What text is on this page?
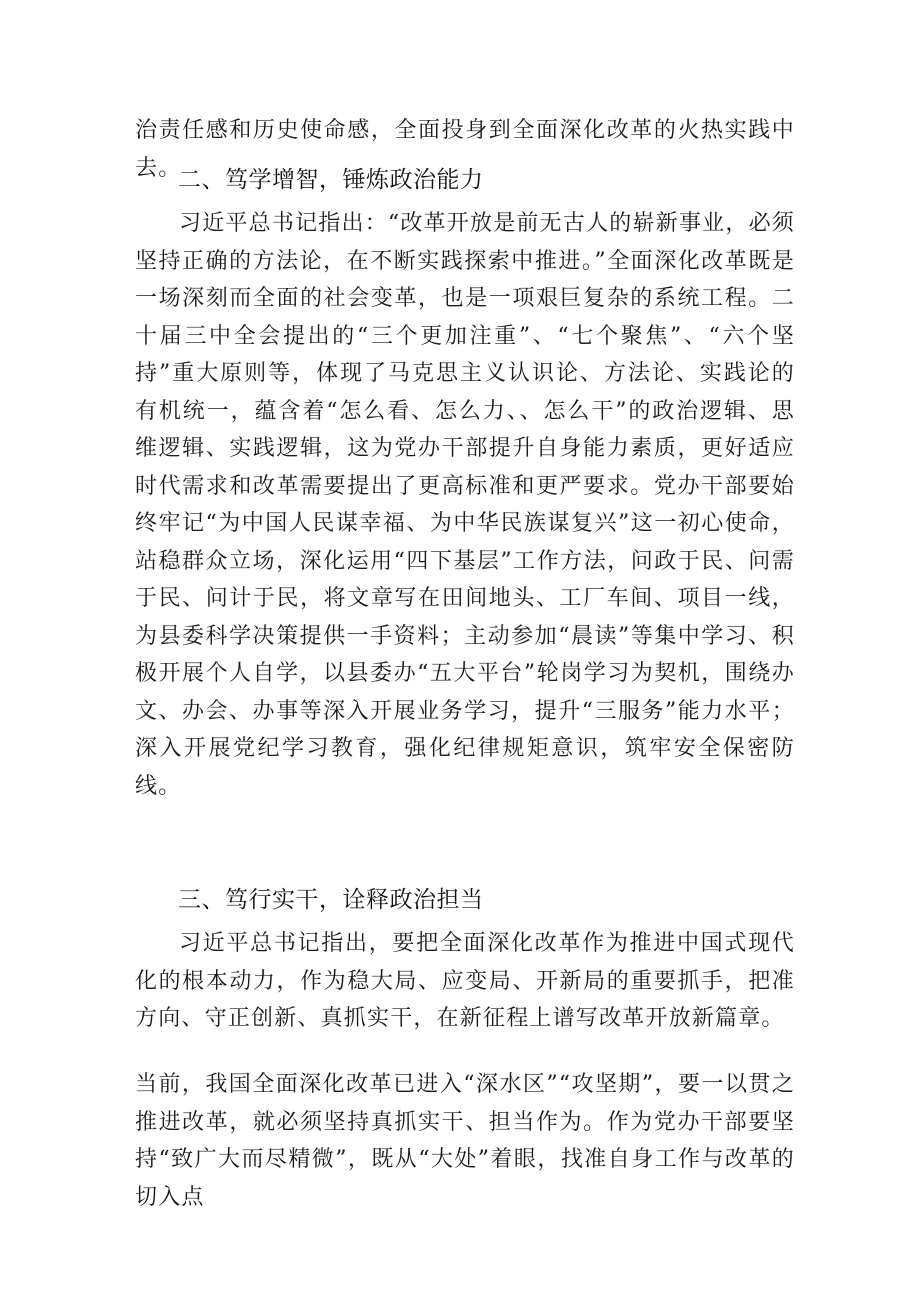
治责任感和历史使命感，全面投身到全面深化改革的火热实践中去。

二、笃学增智，锤炼政治能力

习近平总书记指出：“改革开放是前无古人的崭新事业，必须坚持正确的方法论，在不断实践探索中推进。”全面深化改革既是一场深刻而全面的社会变革，也是一项艰巨复杂的系统工程。二十届三中全会提出的“三个更加注重”、“七个聚焦”、“六个坚持”重大原则等，体现了马克思主义认识论、方法论、实践论的有机统一，蕴含着“怎么看、怎么力、、怎么干”的政治逻辑、思维逻辑、实践逻辑，这为党办干部提升自身能力素质，更好适应时代需求和改革需要提出了更高标准和更严要求。党办干部要始终牢记“为中国人民谋幸福、为中华民族谋复兴”这一初心使命，站稳群众立场，深化运用“四下基层”工作方法，问政于民、问需于民、问计于民，将文章写在田间地头、工厂车间、项目一线，为县委科学决策提供一手资料；主动参加“晨读”等集中学习、积极开展个人自学，以县委办“五大平台”轮岗学习为契机，围绕办文、办会、办事等深入开展业务学习，提升“三服务”能力水平；深入开展党纪学习教育，强化纪律规矩意识，筑牢安全保密防线。

三、笃行实干，诠释政治担当

习近平总书记指出，要把全面深化改革作为推进中国式现代化的根本动力，作为稳大局、应变局、开新局的重要抓手，把准方向、守正创新、真抓实干，在新征程上谱写改革开放新篇章。

当前，我国全面深化改革已进入“深水区”“攻坚期”，要一以贯之推进改革，就必须坚持真抓实干、担当作为。作为党办干部要坚持“致广大而尽精微”，既从“大处”着眼，找准自身工作与改革的切入点
